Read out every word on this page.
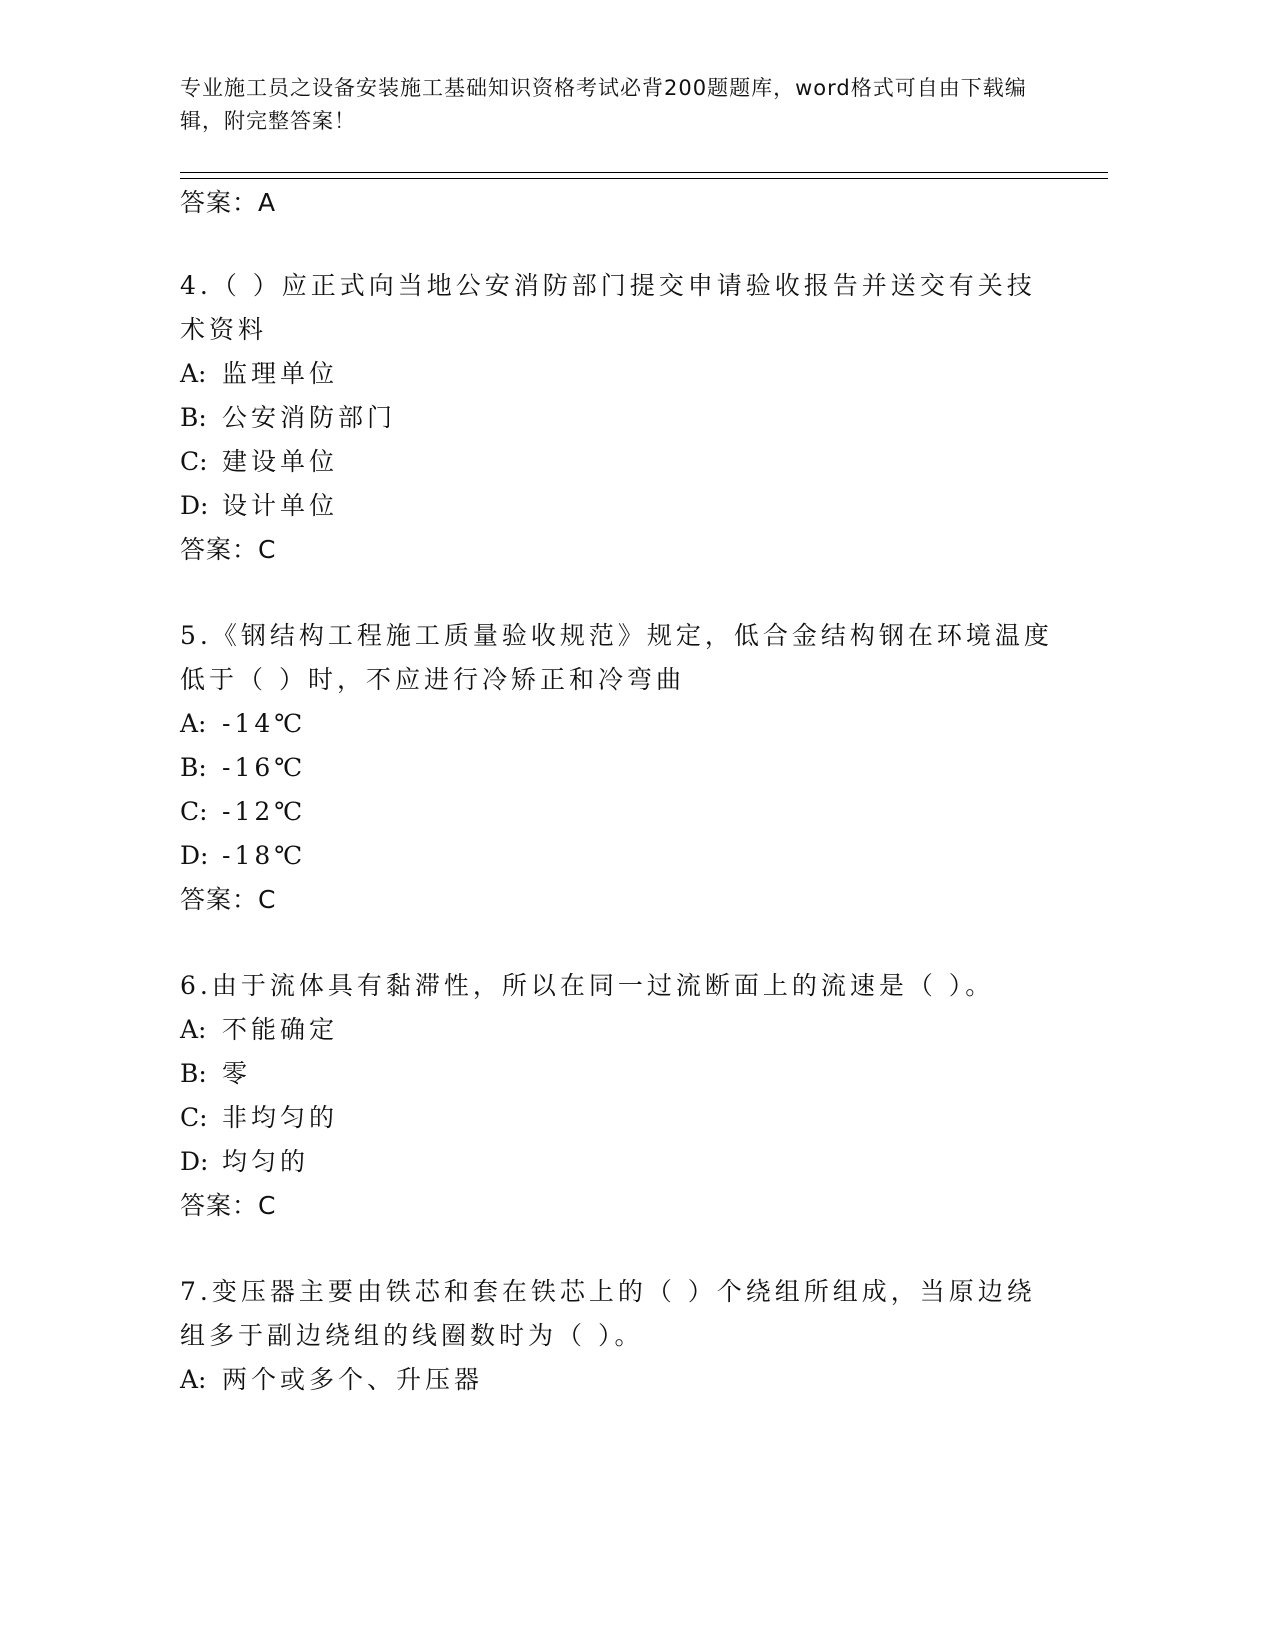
专业施工员之设备安装施工基础知识资格考试必背200题题库，word格式可自由下载编辑，附完整答案！
答案：A

4.（ ）应正式向当地公安消防部门提交申请验收报告并送交有关技术资料

A: 监理单位
B: 公安消防部门
C: 建设单位
D: 设计单位
答案：C

5.《钢结构工程施工质量验收规范》规定，低合金结构钢在环境温度低于（ ）时，不应进行冷矫正和冷弯曲

A: -14℃
B: -16℃
C: -12℃
D: -18℃
答案：C

6.由于流体具有黏滞性，所以在同一过流断面上的流速是（ ）。

A: 不能确定
B: 零
C: 非均匀的
D: 均匀的
答案：C

7.变压器主要由铁芯和套在铁芯上的（ ）个绕组所组成，当原边绕组多于副边绕组的线圈数时为（ ）。

A: 两个或多个、升压器
